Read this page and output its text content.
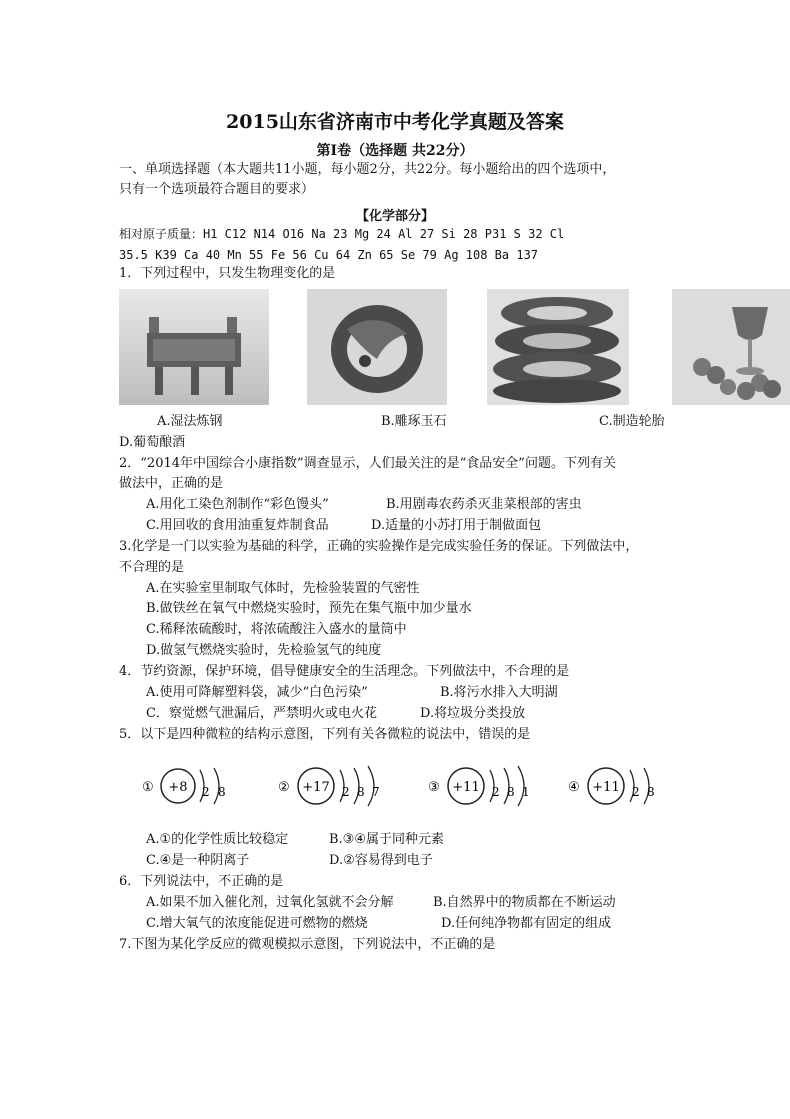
2015山东省济南市中考化学真题及答案
第Ⅰ卷（选择题 共22分）
一、单项选择题（本大题共11小题，每小题2分，共22分。每小题给出的四个选项中，
只有一个选项最符合题目的要求）
【化学部分】
相对原子质量：H1 C12 N14 O16 Na 23 Mg 24 Al 27 Si 28 P31 S 32 Cl
35.5 K39 Ca 40 Mn 55 Fe 56 Cu 64 Zn 65 Se 79 Ag 108 Ba 137
1．下列过程中，只发生物理变化的是
A.湿法炼钢	B.雕琢玉石	C.制造轮胎
D.葡萄酿酒
2．“2014年中国综合小康指数”调查显示，人们最关注的是“食品安全”问题。下列有关
做法中，正确的是
A.用化工染色剂制作“彩色馒头”	B.用剧毒农药杀灭韭菜根部的害虫
C.用回收的食用油重复炸制食品	D.适量的小苏打用于制做面包
3.化学是一门以实验为基础的科学，正确的实验操作是完成实验任务的保证。下列做法中，
不合理的是
A.在实验室里制取气体时，先检验装置的气密性
B.做铁丝在氧气中燃烧实验时，预先在集气瓶中加少量水
C.稀释浓硫酸时，将浓硫酸注入盛水的量筒中
D.做氢气燃烧实验时，先检验氢气的纯度
4．节约资源，保护环境，倡导健康安全的生活理念。下列做法中，不合理的是
A.使用可降解塑料袋，减少“白色污染”	B.将污水排入大明湖
C．察觉燃气泄漏后，严禁明火或电火花	D.将垃圾分类投放
5．以下是四种微粒的结构示意图，下列有关各微粒的说法中，错误的是
① +8 2 8	② +17 2 8 7	③ +11 2 8 1	④ +11 2 8
A.①的化学性质比较稳定	B.③④属于同种元素
C.④是一种阴离子	D.②容易得到电子
6．下列说法中，不正确的是
A.如果不加入催化剂，过氧化氢就不会分解	B.自然界中的物质都在不断运动
C.增大氧气的浓度能促进可燃物的燃烧	D.任何纯净物都有固定的组成
7.下图为某化学反应的微观模拟示意图，下列说法中，不正确的是
